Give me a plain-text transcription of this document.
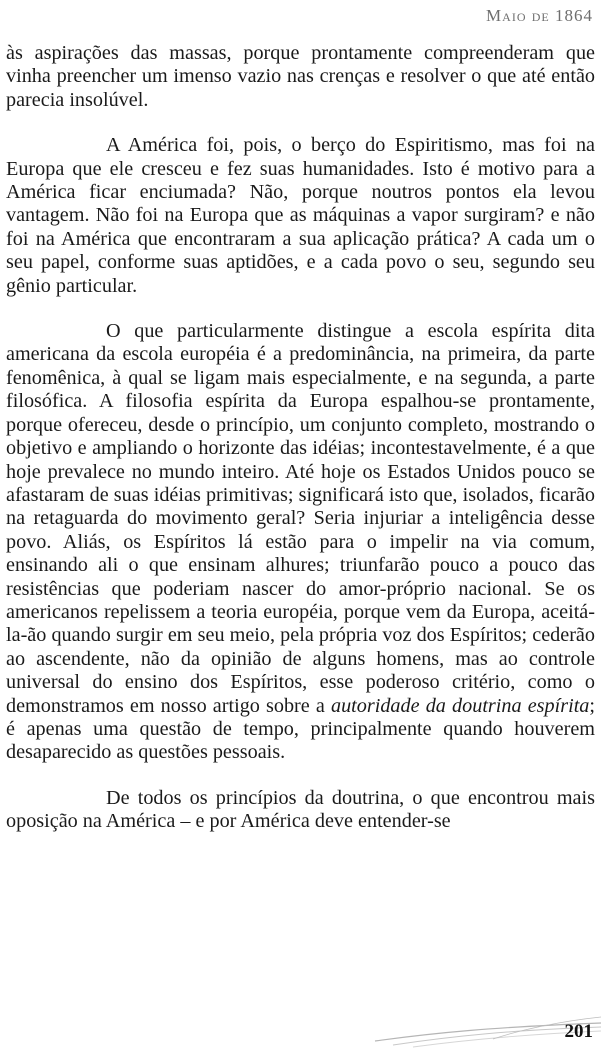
Maio de 1864

às aspirações das massas, porque prontamente compreenderam que vinha preencher um imenso vazio nas crenças e resolver o que até então parecia insolúvel.

A América foi, pois, o berço do Espiritismo, mas foi na Europa que ele cresceu e fez suas humanidades. Isto é motivo para a América ficar enciumada? Não, porque noutros pontos ela levou vantagem. Não foi na Europa que as máquinas a vapor surgiram? e não foi na América que encontraram a sua aplicação prática? A cada um o seu papel, conforme suas aptidões, e a cada povo o seu, segundo seu gênio particular.

O que particularmente distingue a escola espírita dita americana da escola européia é a predominância, na primeira, da parte fenomênica, à qual se ligam mais especialmente, e na segunda, a parte filosófica. A filosofia espírita da Europa espalhou-se prontamente, porque ofereceu, desde o princípio, um conjunto completo, mostrando o objetivo e ampliando o horizonte das idéias; incontestavelmente, é a que hoje prevalece no mundo inteiro. Até hoje os Estados Unidos pouco se afastaram de suas idéias primitivas; significará isto que, isolados, ficarão na retaguarda do movimento geral? Seria injuriar a inteligência desse povo. Aliás, os Espíritos lá estão para o impelir na via comum, ensinando ali o que ensinam alhures; triunfarão pouco a pouco das resistências que poderiam nascer do amor-próprio nacional. Se os americanos repelissem a teoria européia, porque vem da Europa, aceitá-la-ão quando surgir em seu meio, pela própria voz dos Espíritos; cederão ao ascendente, não da opinião de alguns homens, mas ao controle universal do ensino dos Espíritos, esse poderoso critério, como o demonstramos em nosso artigo sobre a autoridade da doutrina espírita; é apenas uma questão de tempo, principalmente quando houverem desaparecido as questões pessoais.

De todos os princípios da doutrina, o que encontrou mais oposição na América – e por América deve entender-se

201
